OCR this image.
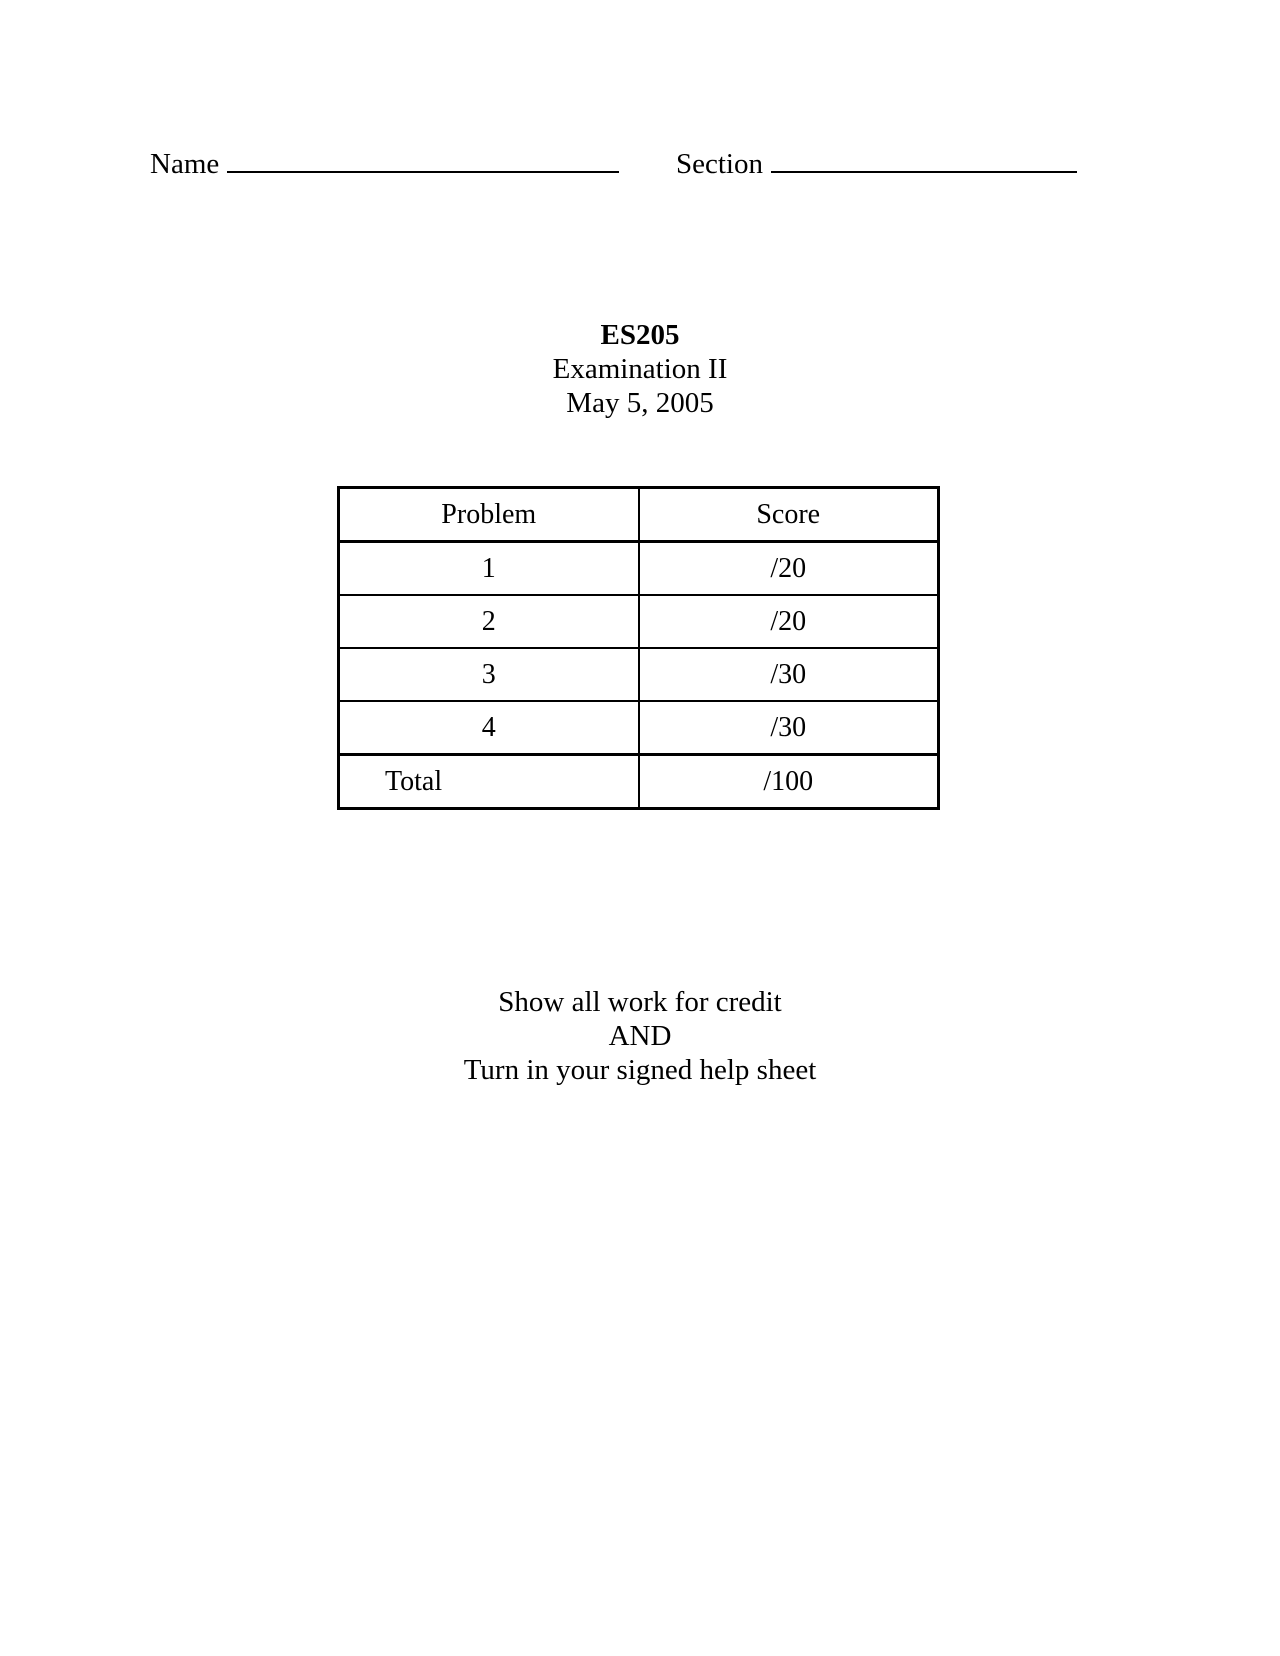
Name	Section
ES205
Examination II
May 5, 2005
Problem	Score
1	/20
2	/20
3	/30
4	/30
Total	/100
Show all work for credit
AND
Turn in your signed help sheet
